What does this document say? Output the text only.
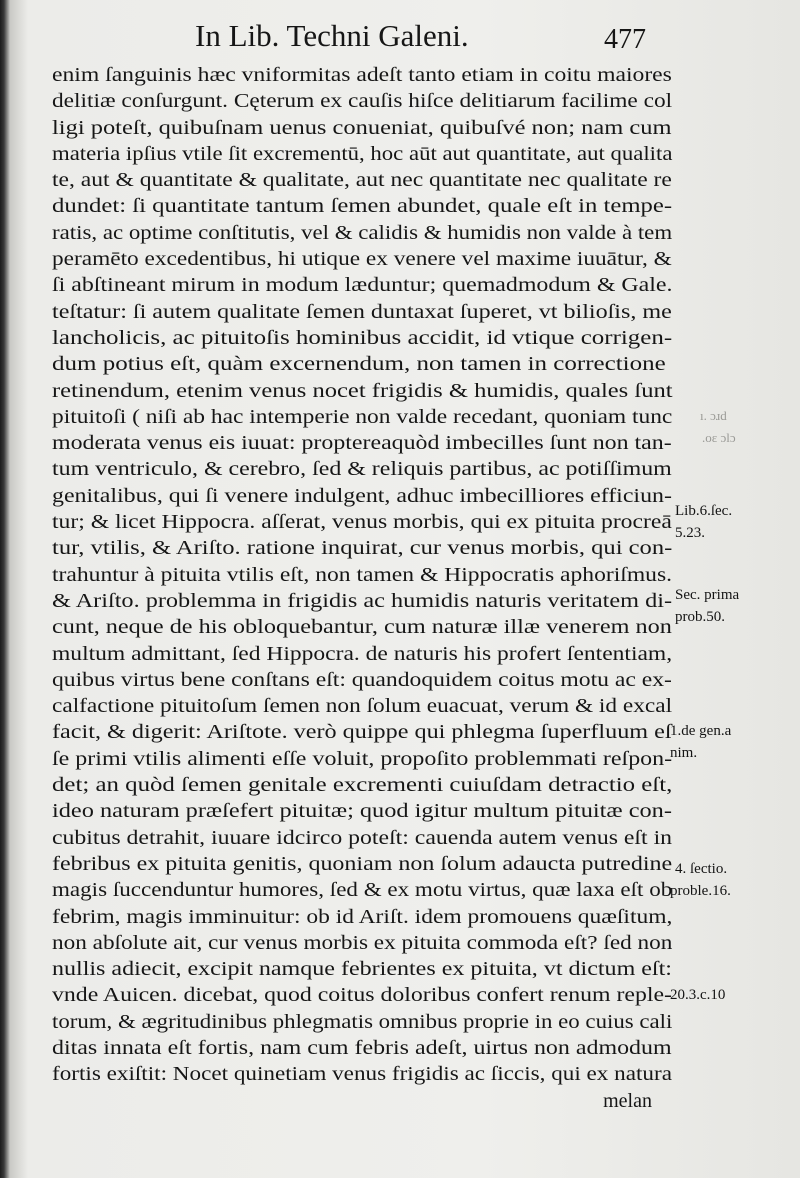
In Lib. Techni Galeni.	477
enim ſanguinis hæc vniformitas adeſt tanto etiam in coitu maiores
delitiæ conſurgunt. Cęterum ex cauſis hiſce delitiarum facilime col
ligi poteſt, quibuſnam uenus conueniat, quibuſvé non; nam cum
materia ipſius vtile ſit excrementū, hoc aūt aut quantitate, aut qualita
te, aut & quantitate & qualitate, aut nec quantitate nec qualitate re
dundet: ſi quantitate tantum ſemen abundet, quale eſt in tempe-
ratis, ac optime conſtitutis, vel & calidis & humidis non valde à tem
peramēto excedentibus, hi utique ex venere vel maxime iuuātur, &
ſi abſtineant mirum in modum læduntur; quemadmodum & Gale.
teſtatur: ſi autem qualitate ſemen duntaxat ſuperet, vt bilioſis, me
lancholicis, ac pituitoſis hominibus accidit, id vtique corrigen-
dum potius eſt, quàm excernendum, non tamen in correctione
retinendum, etenim venus nocet frigidis & humidis, quales ſunt
pituitoſi ( niſi ab hac intemperie non valde recedant, quoniam tunc
moderata venus eis iuuat: proptereaquòd imbecilles ſunt non tan-
tum ventriculo, & cerebro, ſed & reliquis partibus, ac potiſſimum
genitalibus, qui ſi venere indulgent, adhuc imbecilliores efficiun-
tur; & licet Hippocra. aſſerat, venus morbis, qui ex pituita procreā
tur, vtilis, & Ariſto. ratione inquirat, cur venus morbis, qui con-
trahuntur à pituita vtilis eſt, non tamen & Hippocratis aphoriſmus.
& Ariſto. problemma in frigidis ac humidis naturis veritatem di-
cunt, neque de his obloquebantur, cum naturæ illæ venerem non
multum admittant, ſed Hippocra. de naturis his profert ſententiam,
quibus virtus bene conſtans eſt: quandoquidem coitus motu ac ex-
calfactione pituitoſum ſemen non ſolum euacuat, verum & id excal
facit, & digerit: Ariſtote. verò quippe qui phlegma ſuperfluum eſ
ſe primi vtilis alimenti eſſe voluit, propoſito problemmati reſpon-
det; an quòd ſemen genitale excrementi cuiuſdam detractio eſt,
ideo naturam præſefert pituitæ; quod igitur multum pituitæ con-
cubitus detrahit, iuuare idcirco poteſt: cauenda autem venus eſt in
febribus ex pituita genitis, quoniam non ſolum adaucta putredine
magis ſuccenduntur humores, ſed & ex motu virtus, quæ laxa eſt ob
febrim, magis imminuitur: ob id Ariſt. idem promouens quæſitum,
non abſolute ait, cur venus morbis ex pituita commoda eſt? ſed non
nullis adiecit, excipit namque febrientes ex pituita, vt dictum eſt:
vnde Auicen. dicebat, quod coitus doloribus confert renum reple-
torum, & ægritudinibus phlegmatis omnibus proprie in eo cuius cali
ditas innata eſt fortis, nam cum febris adeſt, uirtus non admodum
fortis exiſtit: Nocet quinetiam venus frigidis ac ſiccis, qui ex natura
melan
ı. ɔɹd
.oɛ ɔlɔ
Lib.6.ſec.
5.23.
Sec. prima
prob.50.
1.de gen.a
nim.
4. ſectio.
proble.16.
20.3.c.10
